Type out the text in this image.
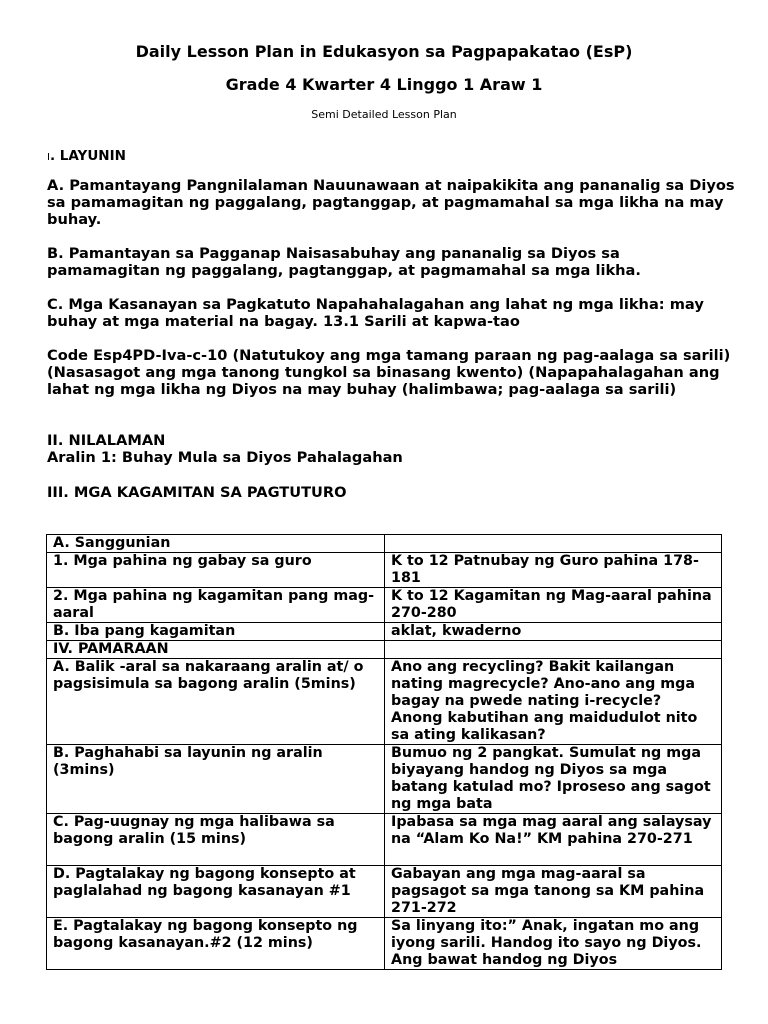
Daily Lesson Plan in Edukasyon sa Pagpapakatao (EsP)
Grade 4 Kwarter 4 Linggo 1 Araw 1
Semi Detailed Lesson Plan
I. LAYUNIN
A. Pamantayang Pangnilalaman Nauunawaan at naipakikita ang pananalig sa Diyos sa pamamagitan ng paggalang, pagtanggap, at pagmamahal sa mga likha na may buhay.
B. Pamantayan sa Pagganap Naisasabuhay ang pananalig sa Diyos sa pamamagitan ng paggalang, pagtanggap, at pagmamahal sa mga likha.
C. Mga Kasanayan sa Pagkatuto Napahahalagahan ang lahat ng mga likha: may buhay at mga material na bagay. 13.1 Sarili at kapwa-tao
Code Esp4PD-Iva-c-10 (Natutukoy ang mga tamang paraan ng pag-aalaga sa sarili) (Nasasagot ang mga tanong tungkol sa binasang kwento) (Napapahalagahan ang lahat ng mga likha ng Diyos na may buhay (halimbawa; pag-aalaga sa sarili)
II. NILALAMAN
Aralin 1: Buhay Mula sa Diyos Pahalagahan
III. MGA KAGAMITAN SA PAGTUTURO
A. Sanggunian	
1. Mga pahina ng gabay sa guro	K to 12 Patnubay ng Guro pahina 178-181
2. Mga pahina ng kagamitan pang mag-aaral	K to 12 Kagamitan ng Mag-aaral pahina 270-280
B. Iba pang kagamitan	aklat, kwaderno
IV. PAMARAAN	
A. Balik -aral sa nakaraang aralin at/ o pagsisimula sa bagong aralin (5mins)	Ano ang recycling? Bakit kailangan nating magrecycle? Ano-ano ang mga bagay na pwede nating i-recycle? Anong kabutihan ang maidudulot nito sa ating kalikasan?
B. Paghahabi sa layunin ng aralin (3mins)	Bumuo ng 2 pangkat. Sumulat ng mga biyayang handog ng Diyos sa mga batang katulad mo? Iproseso ang sagot ng mga bata
C. Pag-uugnay ng mga halibawa sa bagong aralin (15 mins)	Ipabasa sa mga mag aaral ang salaysay na “Alam Ko Na!” KM pahina 270-271
D. Pagtalakay ng bagong konsepto at paglalahad ng bagong kasanayan #1	Gabayan ang mga mag-aaral sa pagsagot sa mga tanong sa KM pahina 271-272
E. Pagtalakay ng bagong konsepto ng bagong kasanayan.#2 (12 mins)	Sa linyang ito:” Anak, ingatan mo ang iyong sarili. Handog ito sayo ng Diyos. Ang bawat handog ng Diyos
